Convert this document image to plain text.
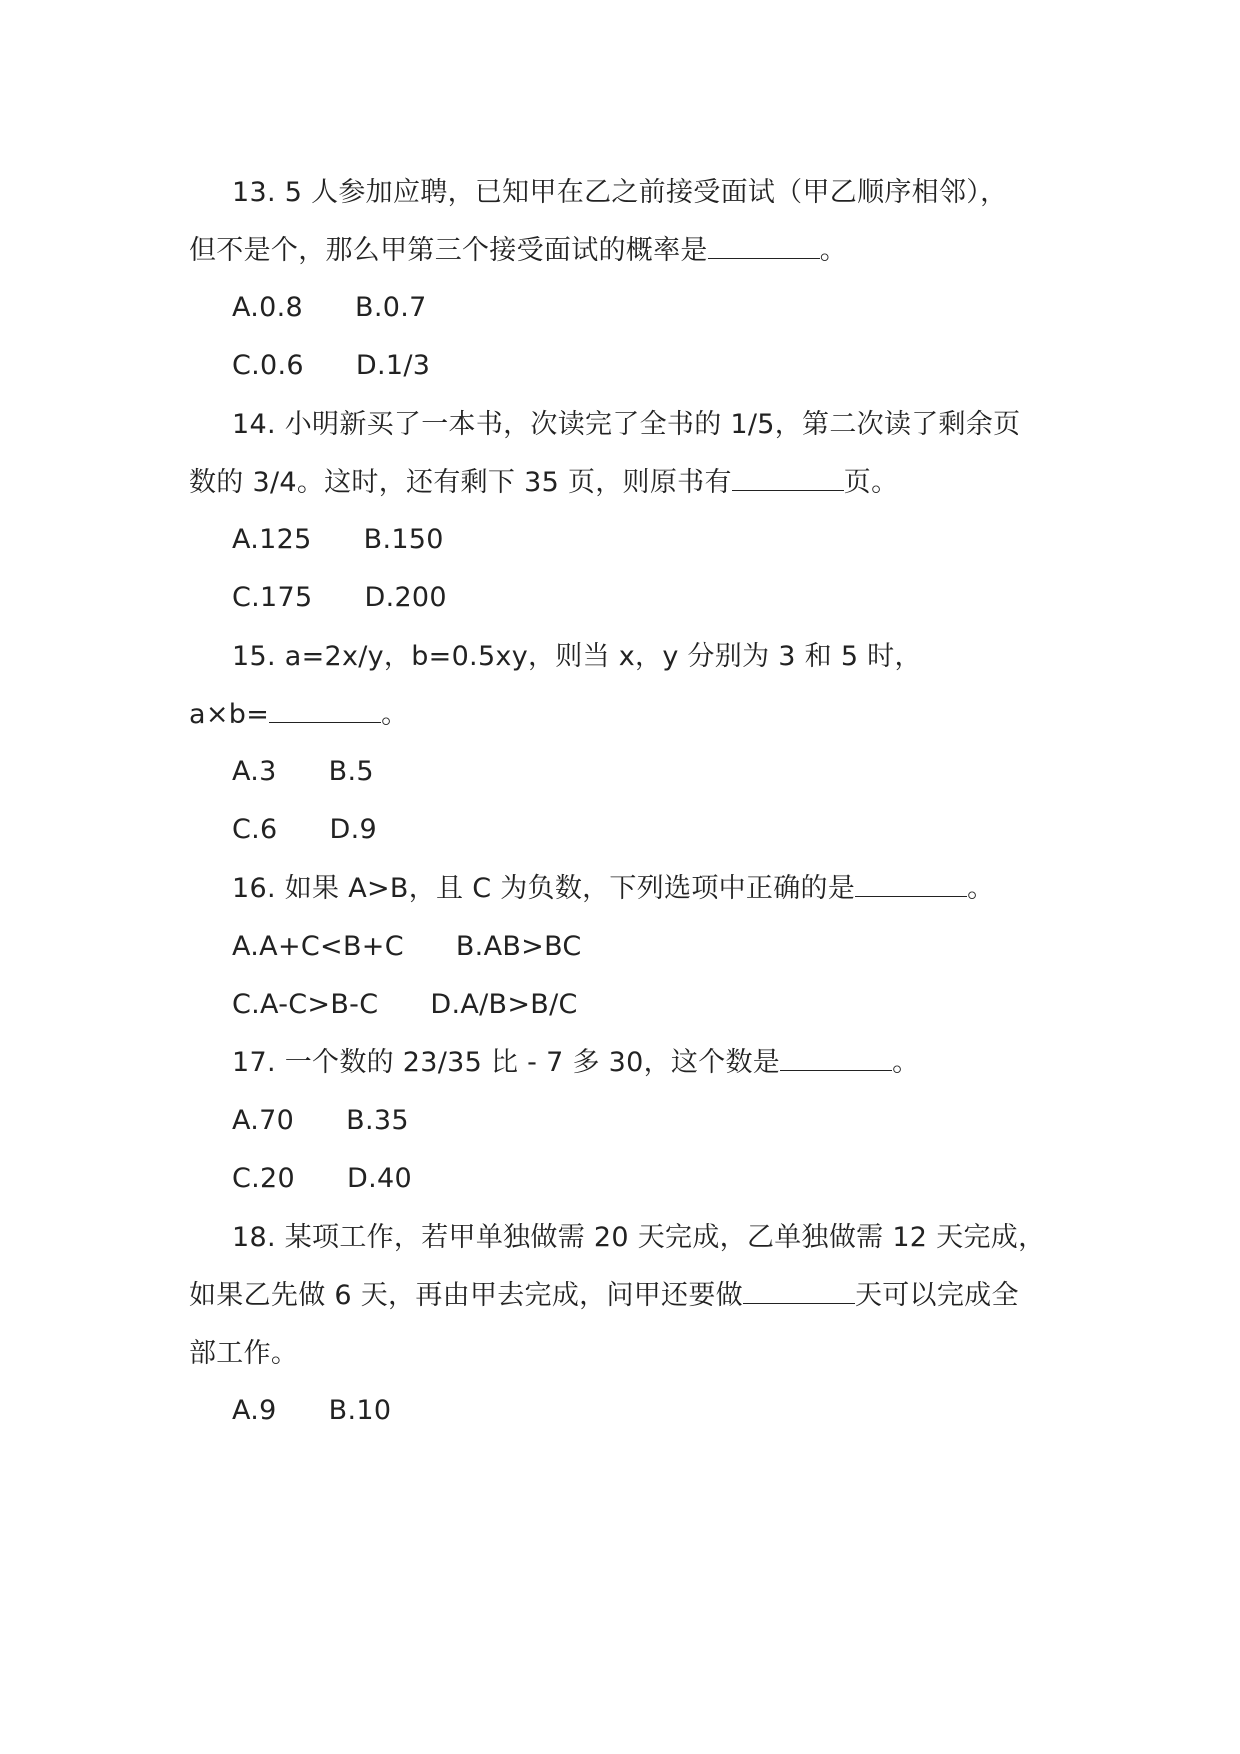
13. 5 人参加应聘，已知甲在乙之前接受面试（甲乙顺序相邻），
但不是个，那么甲第三个接受面试的概率是	。
A.0.8 B.0.7
C.0.6 D.1/3
14. 小明新买了一本书，次读完了全书的 1/5，第二次读了剩余页
数的 3/4。这时，还有剩下 35 页，则原书有	页。
A.125 B.150
C.175 D.200
15. a=2x/y，b=0.5xy，则当 x，y 分别为 3 和 5 时，
a×b=	。
A.3 B.5
C.6 D.9
16. 如果 A>B，且 C 为负数，下列选项中正确的是	。
A.A+C<B+C B.AB>BC
C.A-C>B-C D.A/B>B/C
17. 一个数的 23/35 比 - 7 多 30，这个数是	。
A.70 B.35
C.20 D.40
18. 某项工作，若甲单独做需 20 天完成，乙单独做需 12 天完成，
如果乙先做 6 天，再由甲去完成，问甲还要做	天可以完成全
部工作。
A.9 B.10
